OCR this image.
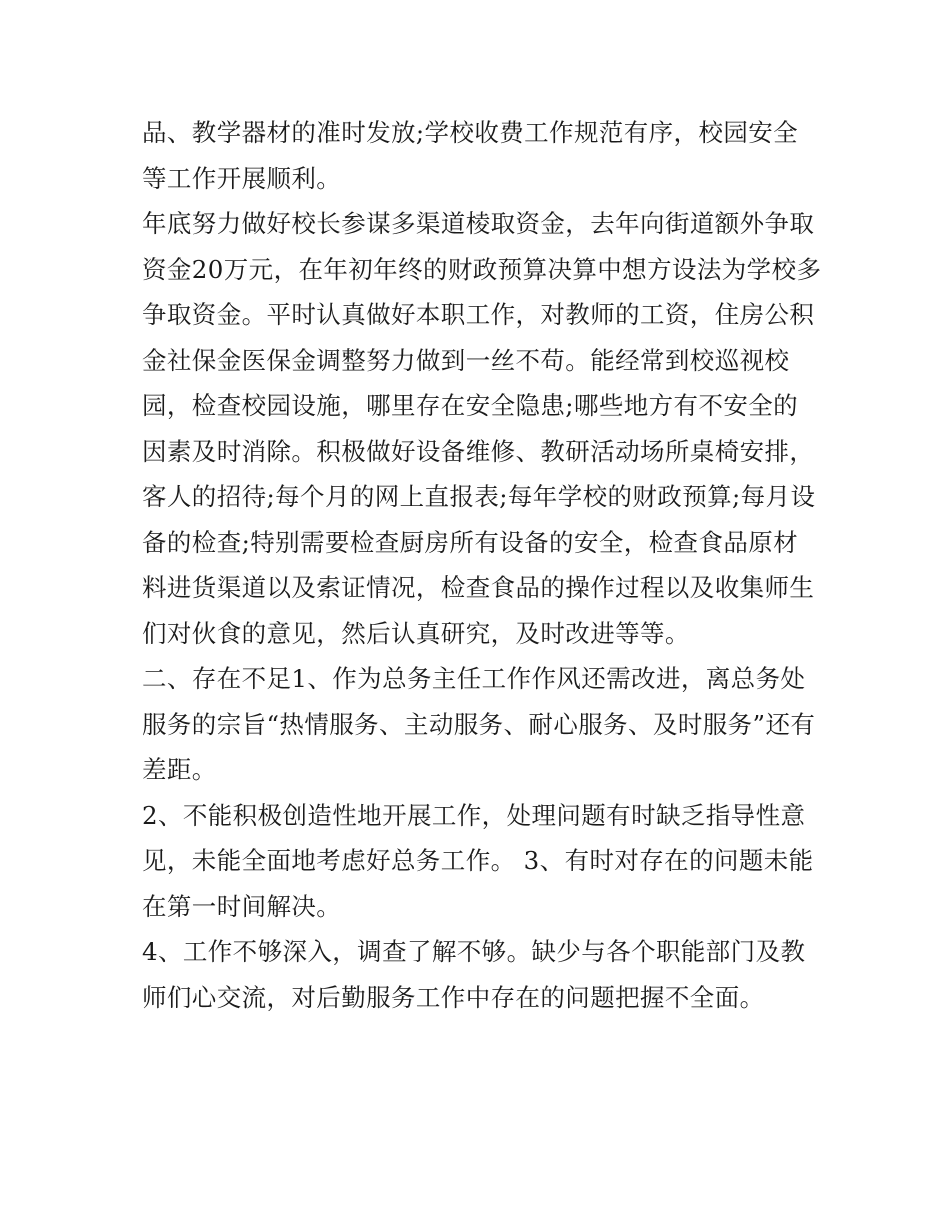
品、教学器材的准时发放;学校收费工作规范有序，校园安全等工作开展顺利。

年底努力做好校长参谋多渠道棱取资金，去年向街道额外争取资金20万元，在年初年终的财政预算决算中想方设法为学校多争取资金。平时认真做好本职工作，对教师的工资，住房公积金社保金医保金调整努力做到一丝不苟。能经常到校巡视校园，检查校园设施，哪里存在安全隐患;哪些地方有不安全的因素及时消除。积极做好设备维修、教研活动场所桌椅安排，客人的招待;每个月的网上直报表;每年学校的财政预算;每月设备的检查;特别需要检查厨房所有设备的安全，检查食品原材料进货渠道以及索证情况，检查食品的操作过程以及收集师生们对伙食的意见，然后认真研究，及时改进等等。

二、存在不足1、作为总务主任工作作风还需改进，离总务处服务的宗旨“热情服务、主动服务、耐心服务、及时服务”还有差距。

2、不能积极创造性地开展工作，处理问题有时缺乏指导性意见，未能全面地考虑好总务工作。 3、有时对存在的问题未能在第一时间解决。

4、工作不够深入，调查了解不够。缺少与各个职能部门及教师们心交流，对后勤服务工作中存在的问题把握不全面。
